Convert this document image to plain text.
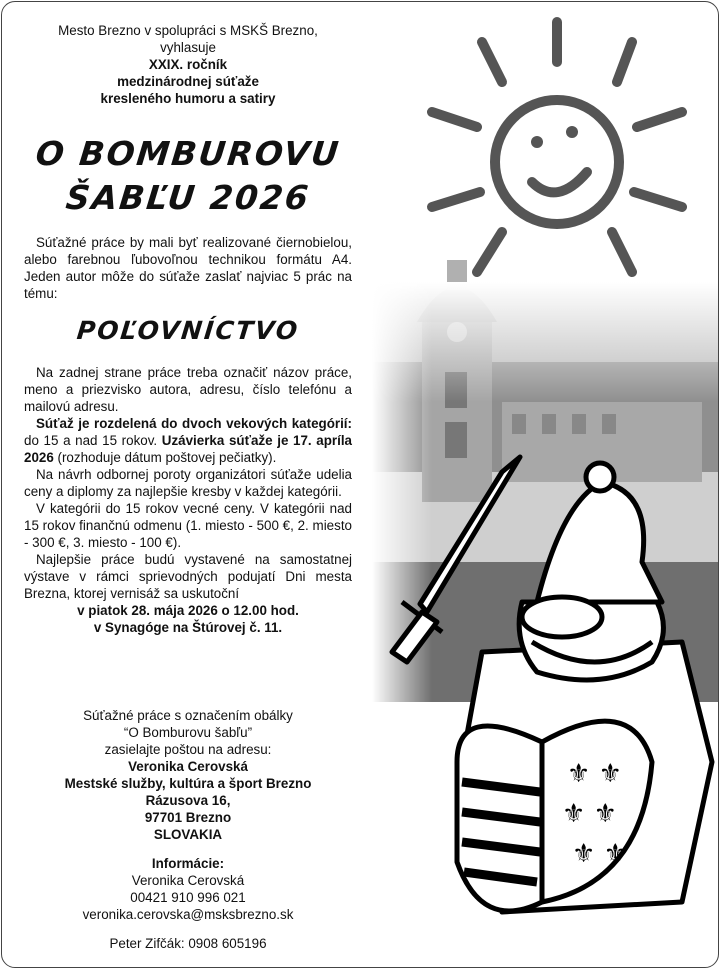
⚜ ⚜
⚜ ⚜
⚜ ⚜

Mesto Brezno v spolupráci s MSKŠ Brezno,

vyhlasuje

XXIX. ročník

medzinárodnej súťaže

kresleného humoru a satiry

O BOMBUROVU
ŠABĽU 2026

Súťažné práce by mali byť realizované čiernobielou, alebo farebnou ľubovoľnou technikou formátu A4. Jeden autor môže do súťaže zaslať najviac 5 prác na tému:

POĽOVNÍCTVO

Na zadnej strane práce treba označiť názov práce, meno a priezvisko autora, adresu, číslo telefónu a mailovú adresu.

Súťaž je rozdelená do dvoch vekových kategórií: do 15 a nad 15 rokov. Uzávierka súťaže je 17. apríla 2026 (rozhoduje dátum poštovej pečiatky).

Na návrh odbornej poroty organizátori súťaže udelia ceny a diplomy za najlepšie kresby v každej kategórii.

V kategórii do 15 rokov vecné ceny. V kategórii nad 15 rokov finančnú odmenu (1. miesto - 500 €, 2. miesto - 300 €, 3. miesto - 100 €).

Najlepšie práce budú vystavené na samostatnej výstave v rámci sprievodných podujatí Dni mesta Brezna, ktorej vernisáž sa uskutoční

v piatok 28. mája 2026 o 12.00 hod.

v Synagóge na Štúrovej č. 11.

Súťažné práce s označením obálky

“O Bomburovu šabľu”

zasielajte poštou na adresu:

Veronika Cerovská

Mestské služby, kultúra a šport Brezno

Rázusova 16,

97701 Brezno

SLOVAKIA

Informácie:

Veronika Cerovská

00421 910 996 021

veronika.cerovska@msksbrezno.sk

Peter Zifčák: 0908 605196
